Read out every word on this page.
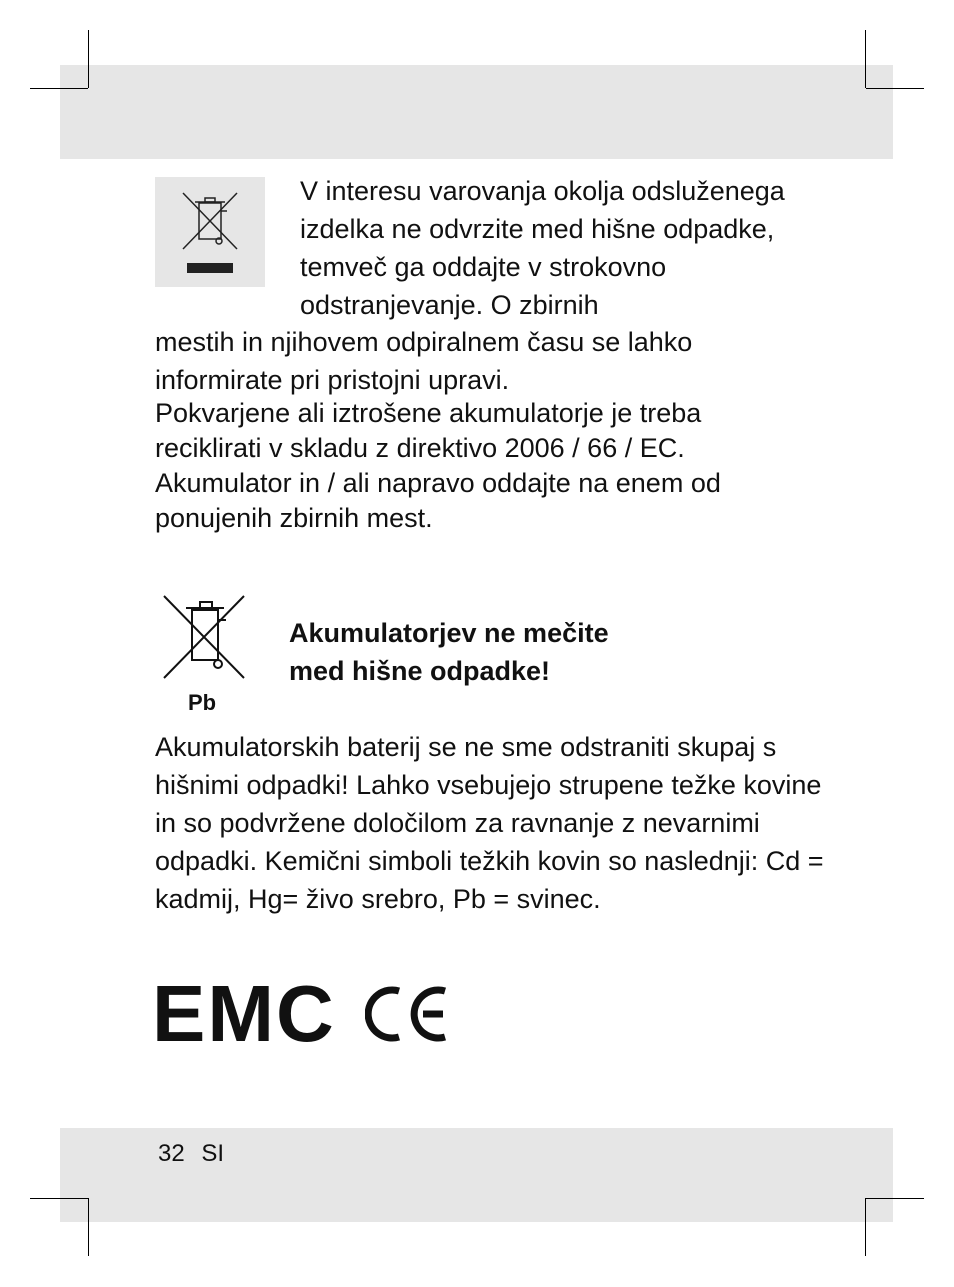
V interesu varovanja okolja odsluženega izdelka ne odvrzite med hišne odpadke, temveč ga oddajte v strokovno odstranjevanje. O zbirnih

mestih in njihovem odpiralnem času se lahko informirate pri pristojni upravi.

Pokvarjene ali iztrošene akumulatorje je treba reciklirati v skladu z direktivo 2006 / 66 / EC. Akumulator in / ali napravo oddajte na enem od ponujenih zbirnih mest.

Pb
Akumulatorjev ne mečite
med hišne odpadke!

Akumulatorskih baterij se ne sme odstraniti skupaj s hišnimi odpadki! Lahko vsebujejo strupene težke kovine in so podvržene določilom za ravnanje z nevarnimi odpadki. Kemični simboli težkih kovin so naslednji: Cd = kadmij, Hg= živo srebro, Pb = svinec.

EMC
32 SI
